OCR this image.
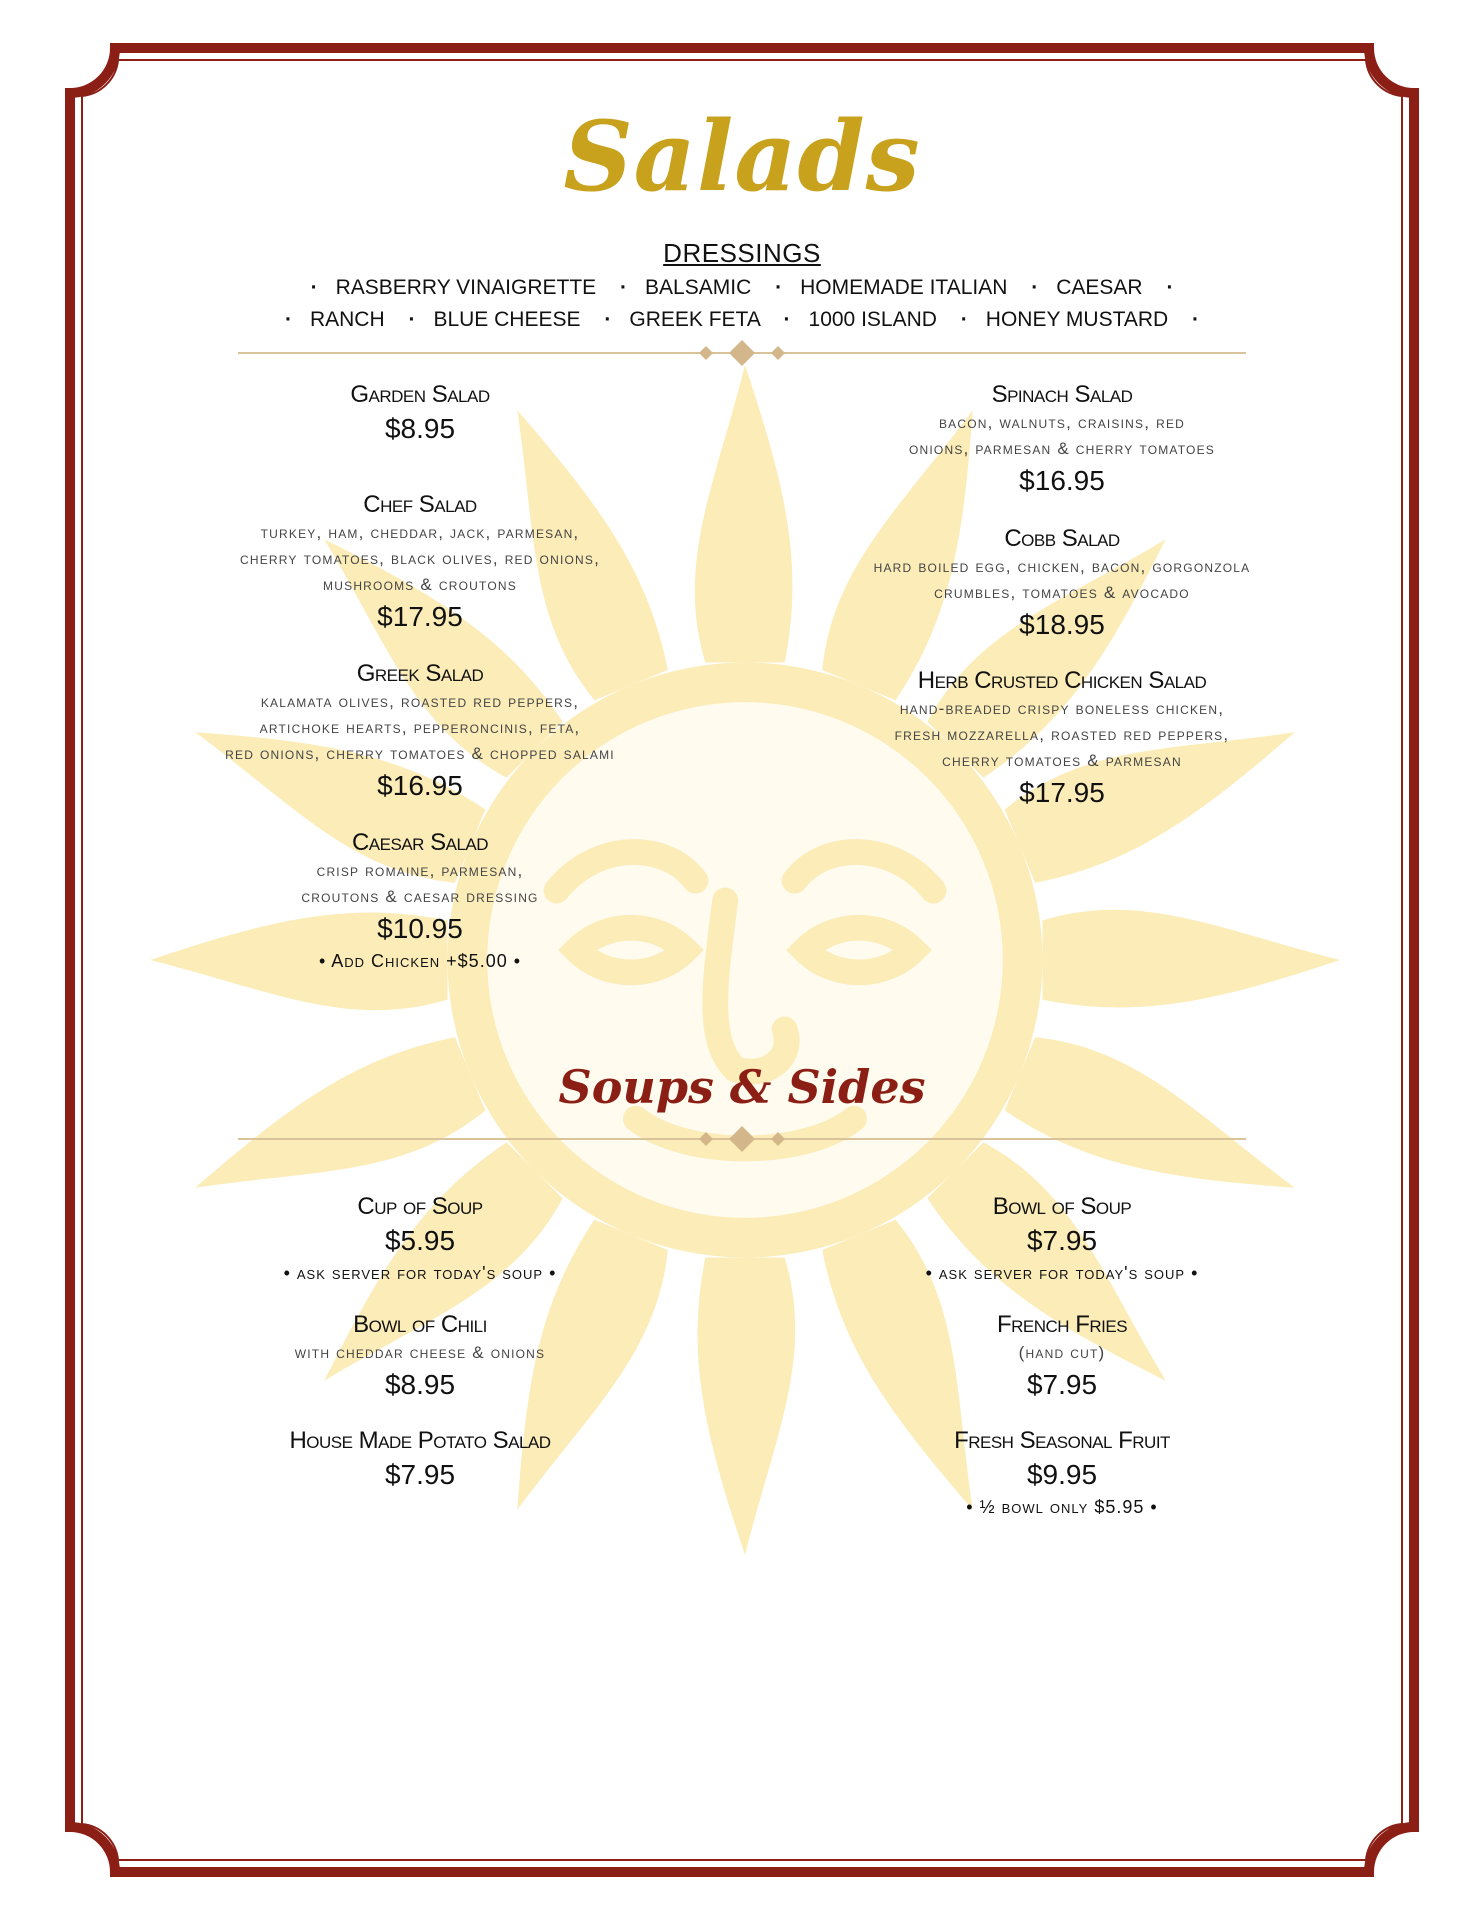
Salads
DRESSINGS
· RASBERRY VINAIGRETTE · BALSAMIC · HOMEMADE ITALIAN · CAESAR ·
· RANCH · BLUE CHEESE · GREEK FETA · 1000 ISLAND · HONEY MUSTARD ·
Garden Salad
$8.95
Chef Salad
turkey, ham, cheddar, jack, parmesan,
cherry tomatoes, black olives, red onions,
mushrooms & croutons
$17.95
Greek Salad
kalamata olives, roasted red peppers,
artichoke hearts, pepperoncinis, feta,
red onions, cherry tomatoes & chopped salami
$16.95
Caesar Salad
crisp romaine, parmesan,
croutons & caesar dressing
$10.95
• Add Chicken +$5.00 •
Spinach Salad
bacon, walnuts, craisins, red
onions, parmesan & cherry tomatoes
$16.95
Cobb Salad
hard boiled egg, chicken, bacon, gorgonzola
crumbles, tomatoes & avocado
$18.95
Herb Crusted Chicken Salad
hand-breaded crispy boneless chicken,
fresh mozzarella, roasted red peppers,
cherry tomatoes & parmesan
$17.95
Soups & Sides
Cup of Soup
$5.95
• ask server for today's soup •
Bowl of Chili
with cheddar cheese & onions
$8.95
House Made Potato Salad
$7.95
Bowl of Soup
$7.95
• ask server for today's soup •
French Fries
(hand cut)
$7.95
Fresh Seasonal Fruit
$9.95
• ½ bowl only $5.95 •
